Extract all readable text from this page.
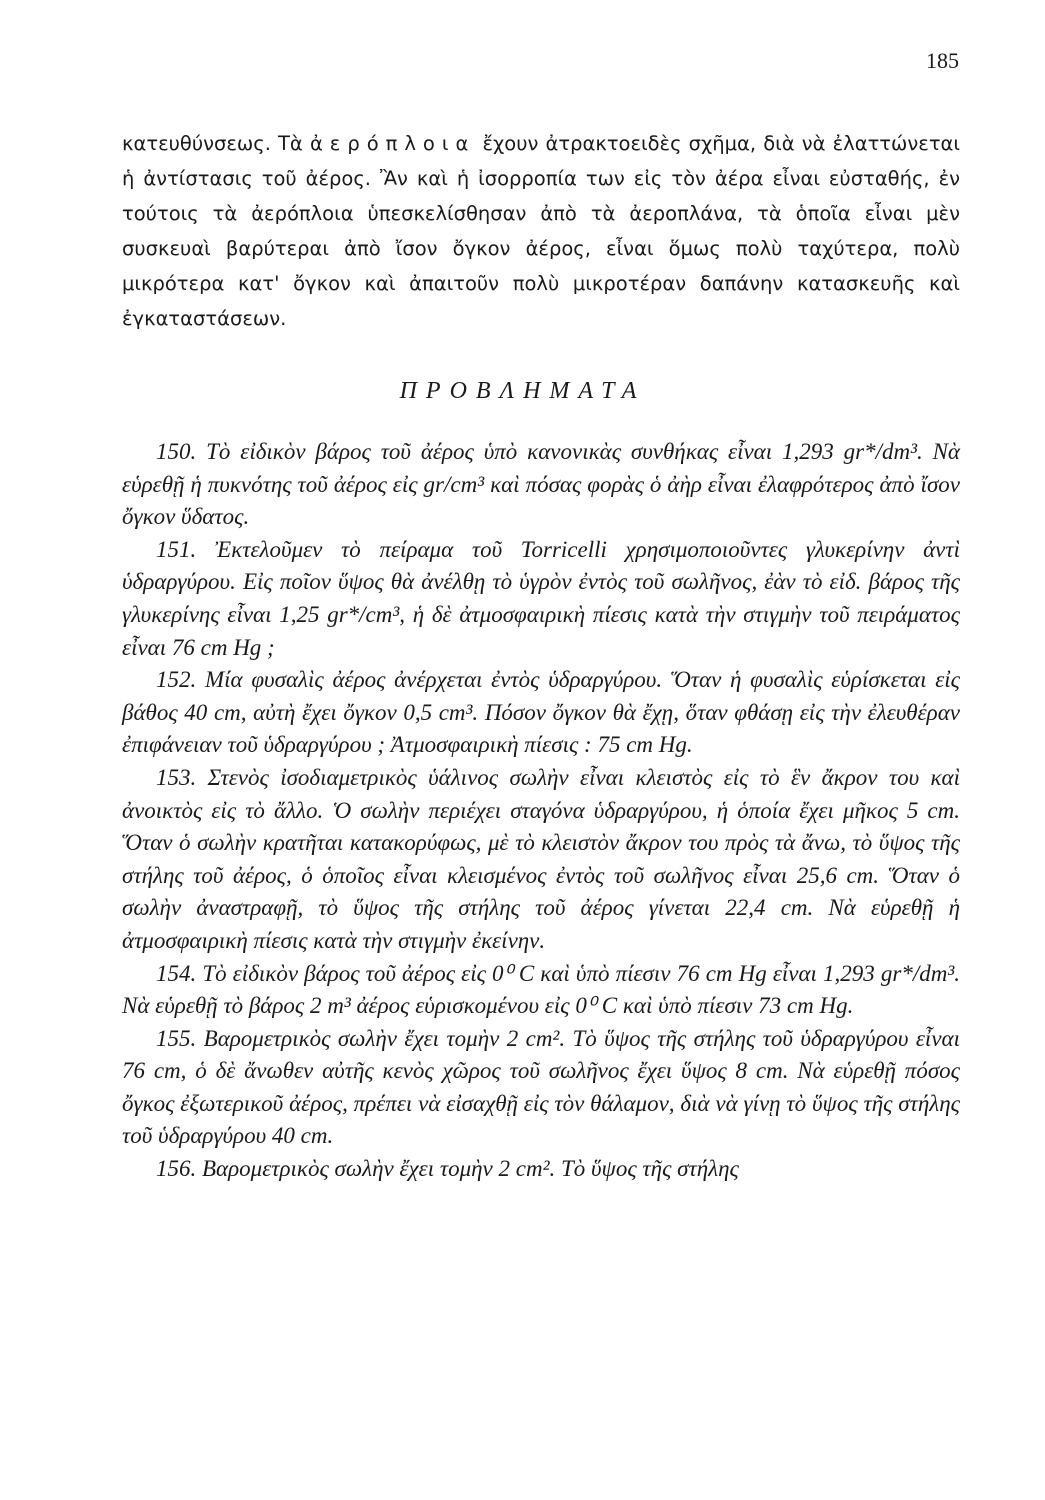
185

κατευθύνσεως. Τὰ ἀερόπλοια ἔχουν ἀτρακτοειδὲς σχῆμα, διὰ νὰ ἐλαττώνεται ἡ ἀντίστασις τοῦ ἀέρος. Ἂν καὶ ἡ ἰσορροπία των εἰς τὸν ἀέρα εἶναι εὐσταθής, ἐν τούτοις τὰ ἀερόπλοια ὑπεσκελίσθησαν ἀπὸ τὰ ἀεροπλάνα, τὰ ὁποῖα εἶναι μὲν συσκευαὶ βαρύτεραι ἀπὸ ἴσον ὄγκον ἀέρος, εἶναι ὅμως πολὺ ταχύτερα, πολὺ μικρότερα κατ' ὄγκον καὶ ἀπαιτοῦν πολὺ μικροτέραν δαπάνην κατασκευῆς καὶ ἐγκαταστάσεων.

ΠΡΟΒΛΗΜΑΤΑ

150. Τὸ εἰδικὸν βάρος τοῦ ἀέρος ὑπὸ κανονικὰς συνθήκας εἶναι 1,293 gr*/dm³. Νὰ εὑρεθῇ ἡ πυκνότης τοῦ ἀέρος εἰς gr/cm³ καὶ πόσας φορὰς ὁ ἀὴρ εἶναι ἐλαφρότερος ἀπὸ ἴσον ὄγκον ὕδατος.

151. Ἐκτελοῦμεν τὸ πείραμα τοῦ Torricelli χρησιμοποιοῦντες γλυκερίνην ἀντὶ ὑδραργύρου. Εἰς ποῖον ὕψος θὰ ἀνέλθῃ τὸ ὑγρὸν ἐντὸς τοῦ σωλῆνος, ἐὰν τὸ εἰδ. βάρος τῆς γλυκερίνης εἶναι 1,25 gr*/cm³, ἡ δὲ ἀτμοσφαιρικὴ πίεσις κατὰ τὴν στιγμὴν τοῦ πειράματος εἶναι 76 cm Hg ;

152. Μία φυσαλὶς ἀέρος ἀνέρχεται ἐντὸς ὑδραργύρου. Ὅταν ἡ φυσαλὶς εὑρίσκεται εἰς βάθος 40 cm, αὐτὴ ἔχει ὄγκον 0,5 cm³. Πόσον ὄγκον θὰ ἔχῃ, ὅταν φθάσῃ εἰς τὴν ἐλευθέραν ἐπιφάνειαν τοῦ ὑδραργύρου ; Ἀτμοσφαιρικὴ πίεσις : 75 cm Hg.

153. Στενὸς ἰσοδιαμετρικὸς ὑάλινος σωλὴν εἶναι κλειστὸς εἰς τὸ ἓν ἄκρον του καὶ ἀνοικτὸς εἰς τὸ ἄλλο. Ὁ σωλὴν περιέχει σταγόνα ὑδραργύρου, ἡ ὁποία ἔχει μῆκος 5 cm. Ὅταν ὁ σωλὴν κρατῆται κατακορύφως, μὲ τὸ κλειστὸν ἄκρον του πρὸς τὰ ἄνω, τὸ ὕψος τῆς στήλης τοῦ ἀέρος, ὁ ὁποῖος εἶναι κλεισμένος ἐντὸς τοῦ σωλῆνος εἶναι 25,6 cm. Ὅταν ὁ σωλὴν ἀναστραφῇ, τὸ ὕψος τῆς στήλης τοῦ ἀέρος γίνεται 22,4 cm. Νὰ εὑρεθῇ ἡ ἀτμοσφαιρικὴ πίεσις κατὰ τὴν στιγμὴν ἐκείνην.

154. Τὸ εἰδικὸν βάρος τοῦ ἀέρος εἰς 0⁰ C καὶ ὑπὸ πίεσιν 76 cm Hg εἶναι 1,293 gr*/dm³. Νὰ εὑρεθῇ τὸ βάρος 2 m³ ἀέρος εὑρισκομένου εἰς 0⁰ C καὶ ὑπὸ πίεσιν 73 cm Hg.

155. Βαρομετρικὸς σωλὴν ἔχει τομὴν 2 cm². Τὸ ὕψος τῆς στήλης τοῦ ὑδραργύρου εἶναι 76 cm, ὁ δὲ ἄνωθεν αὐτῆς κενὸς χῶρος τοῦ σωλῆνος ἔχει ὕψος 8 cm. Νὰ εὑρεθῇ πόσος ὄγκος ἐξωτερικοῦ ἀέρος, πρέπει νὰ εἰσαχθῇ εἰς τὸν θάλαμον, διὰ νὰ γίνῃ τὸ ὕψος τῆς στήλης τοῦ ὑδραργύρου 40 cm.

156. Βαρομετρικὸς σωλὴν ἔχει τομὴν 2 cm². Τὸ ὕψος τῆς στήλης
